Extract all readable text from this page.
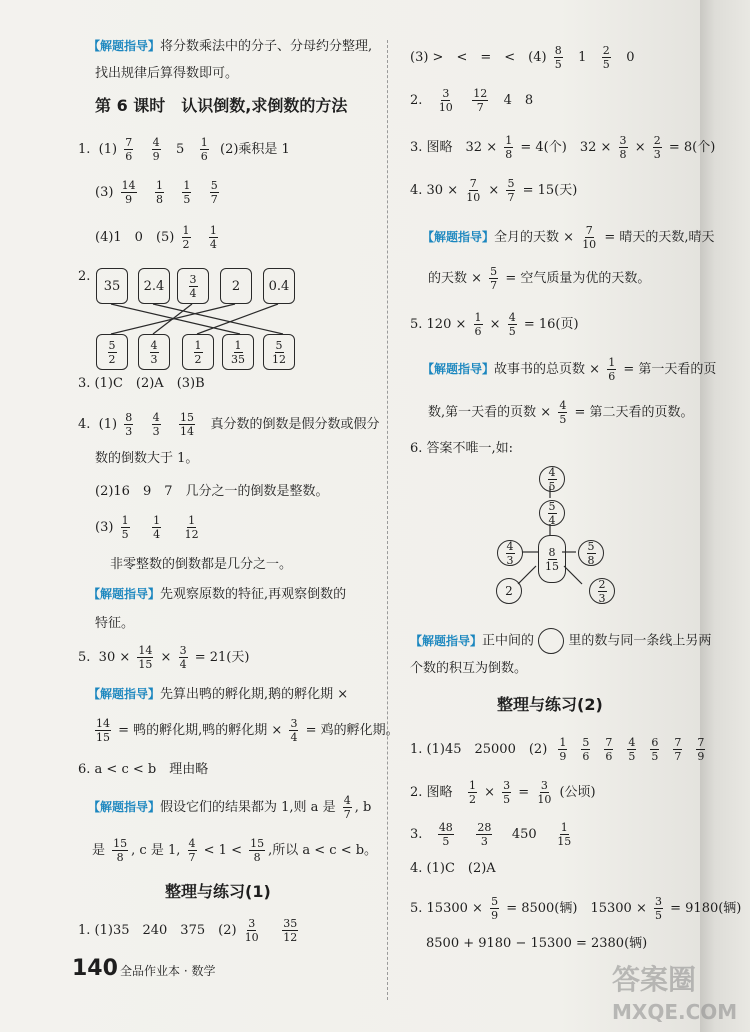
【解题指导】将分数乘法中的分子、分母约分整理,
找出规律后算得数即可。
第 6 课时　认识倒数,求倒数的方法
1. $(1) \frac{7}{6}$
$\frac{4}{9} 5 \frac{1}{6} (2)$乘积是 1
$(3) \frac{14}{9}$
$\frac{1}{8}$
$\frac{1}{5}$
$\frac{5}{7}$
(4)1　0　$(5) \frac{1}{2}$
$\frac{1}{4}$
2.
35	2.4	$\frac{3}{4}$	2	0.4
$\frac{5}{2}$	$\frac{4}{3}$	$\frac{1}{2}$	$\frac{1}{35} \frac{5}{12}$
3. (1)C　(2)A　(3)B
4. $(1) \frac{8}{3}$
$\frac{4}{3}$
$\frac{15}{14}$ 真分数的倒数是假分数或假分
数的倒数大于 1。
(2)16　9　7　几分之一的倒数是整数。
$(3) \frac{1}{5}$
$\frac{1}{4}$
$\frac{1}{12}$
非零整数的倒数都是几分之一。
【解题指导】先观察原数的特征,再观察倒数的
特征。
5. $30 \times \frac{14}{15} \times \frac{3}{4} = 21$(天)
【解题指导】先算出鸭的孵化期,鹅的孵化期 ×
$\frac{14}{15}$ = 鸭的孵化期,鸭的孵化期 × $\frac{3}{4}$ = 鸡的孵化期。
6. a < c < b　理由略
【解题指导】假设它们的结果都为 1,则 a 是 $\frac{4}{7}$ , b
是 $\frac{15}{8}$ , c 是 1, $\frac{4}{7} < 1 < \frac{15}{8}$ ,所以 a < c < b。
整理与练习(1)
1. (1)35　240　375　$(2) \frac{3}{10}$
$\frac{35}{12}$
140 全品作业本 · 数学
(3) >　<　=　<　$(4) \frac{8}{5} 1 \frac{2}{5} 0$
2. $\frac{3}{10}$
$\frac{12}{7} 4$　8
3. 图略　$32 \times \frac{1}{8} = 4$(个)　$32 \times \frac{3}{8} \times \frac{2}{3} = 8$(个)
4. $30 \times \frac{7}{10} \times \frac{5}{7} = 15$(天)
【解题指导】全月的天数 × $\frac{7}{10}$ = 晴天的天数,晴天
的天数 × $\frac{5}{7}$ = 空气质量为优的天数。
5. $120 \times \frac{1}{6} \times \frac{4}{5} = 16$(页)
【解题指导】故事书的总页数 × $\frac{1}{6}$ = 第一天看的页
数,第一天看的页数 × $\frac{4}{5}$ = 第二天看的页数。
6. 答案不唯一,如:
$\frac{4}{5}$
$\frac{5}{4}$
$\frac{4}{3}$	$\frac{8}{15} \frac{5}{8}$
2	$\frac{2}{3}$
【解题指导】正中间的	里的数与同一条线上另两
个数的积互为倒数。
整理与练习(2)
1. (1)45　25000　$(2) \frac{1}{9} \frac{5}{6} \frac{7}{6} \frac{4}{5} \frac{6}{5} \frac{7}{7} \frac{7}{9}$
2. 图略 $\frac{1}{2} \times \frac{3}{5} = \frac{3}{10}$ (公顷)
3. $\frac{48}{5}$
$\frac{28}{3} 450 \frac{1}{15}$
4. (1)C　(2)A
5. $15300 \times \frac{5}{9} = 8500$(辆)　$15300 \times \frac{3}{5} = 9180$(辆)
8500 + 9180 − 15300 = 2380(辆)
答案圈
MXQE.COM
